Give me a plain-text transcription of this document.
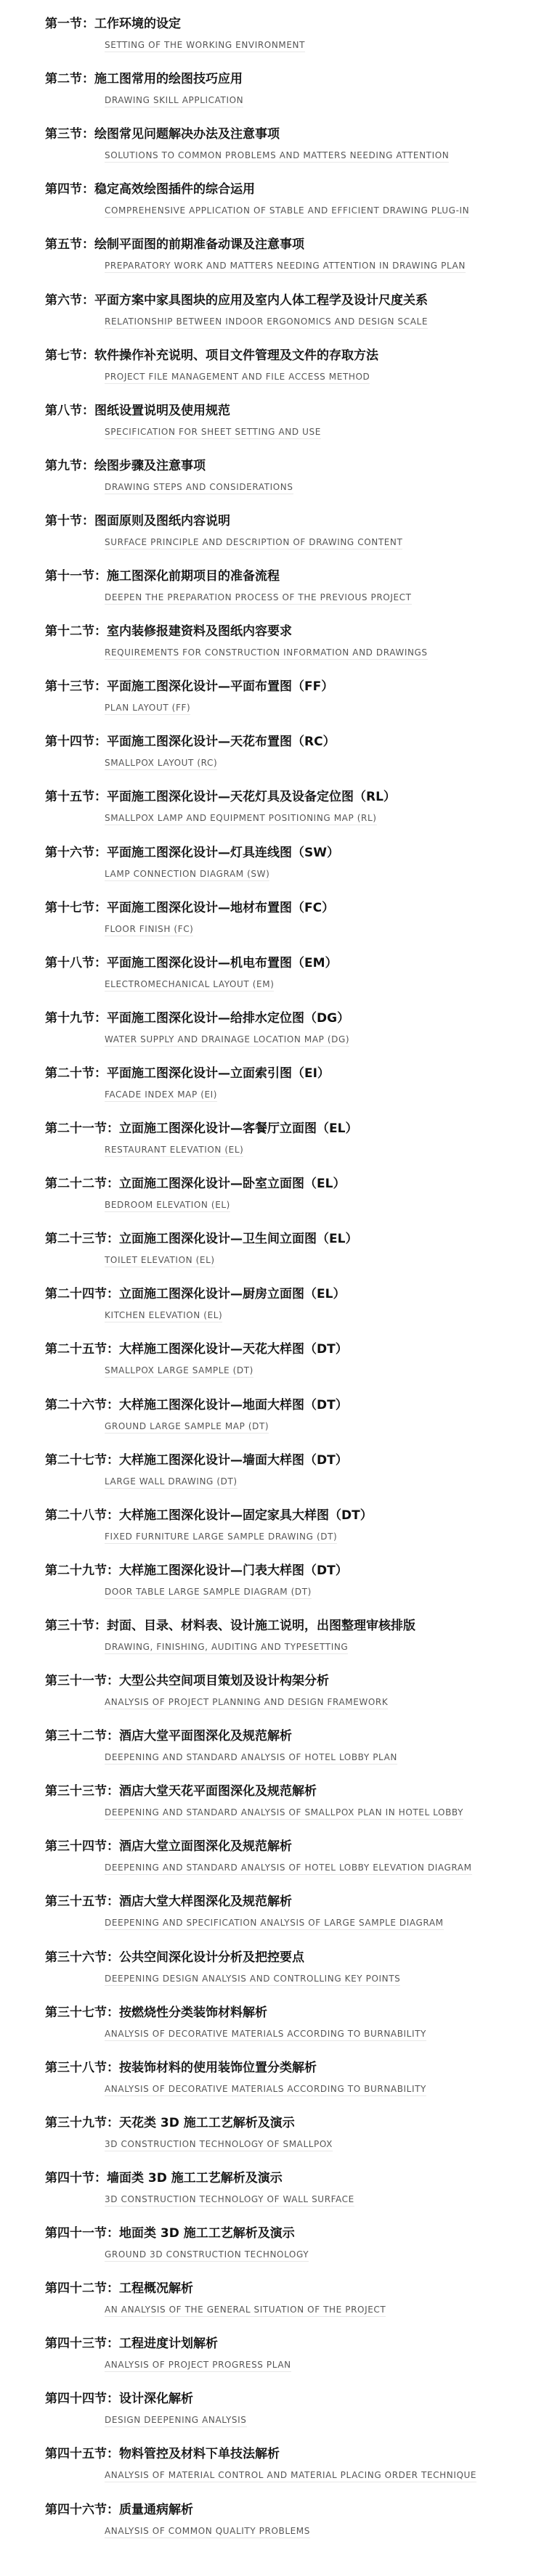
第一节：工作环境的设定
SETTING OF THE WORKING ENVIRONMENT
第二节：施工图常用的绘图技巧应用
DRAWING SKILL APPLICATION
第三节：绘图常见问题解决办法及注意事项
SOLUTIONS TO COMMON PROBLEMS AND MATTERS NEEDING ATTENTION
第四节：稳定高效绘图插件的综合运用
COMPREHENSIVE APPLICATION OF STABLE AND EFFICIENT DRAWING PLUG-IN
第五节：绘制平面图的前期准备动课及注意事项
PREPARATORY WORK AND MATTERS NEEDING ATTENTION IN DRAWING PLAN
第六节：平面方案中家具图块的应用及室内人体工程学及设计尺度关系
RELATIONSHIP BETWEEN INDOOR ERGONOMICS AND DESIGN SCALE
第七节：软件操作补充说明、项目文件管理及文件的存取方法
PROJECT FILE MANAGEMENT AND FILE ACCESS METHOD
第八节：图纸设置说明及使用规范
SPECIFICATION FOR SHEET SETTING AND USE
第九节：绘图步骤及注意事项
DRAWING STEPS AND CONSIDERATIONS
第十节：图面原则及图纸内容说明
SURFACE PRINCIPLE AND DESCRIPTION OF DRAWING CONTENT
第十一节：施工图深化前期项目的准备流程
DEEPEN THE PREPARATION PROCESS OF THE PREVIOUS PROJECT
第十二节：室内装修报建资料及图纸内容要求
REQUIREMENTS FOR CONSTRUCTION INFORMATION AND DRAWINGS
第十三节：平面施工图深化设计—平面布置图（FF）
PLAN LAYOUT (FF)
第十四节：平面施工图深化设计—天花布置图（RC）
SMALLPOX LAYOUT (RC)
第十五节：平面施工图深化设计—天花灯具及设备定位图（RL）
SMALLPOX LAMP AND EQUIPMENT POSITIONING MAP (RL)
第十六节：平面施工图深化设计—灯具连线图（SW）
LAMP CONNECTION DIAGRAM (SW)
第十七节：平面施工图深化设计—地材布置图（FC）
FLOOR FINISH (FC)
第十八节：平面施工图深化设计—机电布置图（EM）
ELECTROMECHANICAL LAYOUT (EM)
第十九节：平面施工图深化设计—给排水定位图（DG）
WATER SUPPLY AND DRAINAGE LOCATION MAP (DG)
第二十节：平面施工图深化设计—立面索引图（EI）
FACADE INDEX MAP (EI)
第二十一节：立面施工图深化设计—客餐厅立面图（EL）
RESTAURANT ELEVATION (EL)
第二十二节：立面施工图深化设计—卧室立面图（EL）
BEDROOM ELEVATION (EL)
第二十三节：立面施工图深化设计—卫生间立面图（EL）
TOILET ELEVATION (EL)
第二十四节：立面施工图深化设计—厨房立面图（EL）
KITCHEN ELEVATION (EL)
第二十五节：大样施工图深化设计—天花大样图（DT）
SMALLPOX LARGE SAMPLE (DT)
第二十六节：大样施工图深化设计—地面大样图（DT）
GROUND LARGE SAMPLE MAP (DT)
第二十七节：大样施工图深化设计—墙面大样图（DT）
LARGE WALL DRAWING (DT)
第二十八节：大样施工图深化设计—固定家具大样图（DT）
FIXED FURNITURE LARGE SAMPLE DRAWING (DT)
第二十九节：大样施工图深化设计—门表大样图（DT）
DOOR TABLE LARGE SAMPLE DIAGRAM (DT)
第三十节：封面、目录、材料表、设计施工说明，出图整理审核排版
DRAWING, FINISHING, AUDITING AND TYPESETTING
第三十一节：大型公共空间项目策划及设计构架分析
ANALYSIS OF PROJECT PLANNING AND DESIGN FRAMEWORK
第三十二节：酒店大堂平面图深化及规范解析
DEEPENING AND STANDARD ANALYSIS OF HOTEL LOBBY PLAN
第三十三节：酒店大堂天花平面图深化及规范解析
DEEPENING AND STANDARD ANALYSIS OF SMALLPOX PLAN IN HOTEL LOBBY
第三十四节：酒店大堂立面图深化及规范解析
DEEPENING AND STANDARD ANALYSIS OF HOTEL LOBBY ELEVATION DIAGRAM
第三十五节：酒店大堂大样图深化及规范解析
DEEPENING AND SPECIFICATION ANALYSIS OF LARGE SAMPLE DIAGRAM
第三十六节：公共空间深化设计分析及把控要点
DEEPENING DESIGN ANALYSIS AND CONTROLLING KEY POINTS
第三十七节：按燃烧性分类装饰材料解析
ANALYSIS OF DECORATIVE MATERIALS ACCORDING TO BURNABILITY
第三十八节：按装饰材料的使用装饰位置分类解析
ANALYSIS OF DECORATIVE MATERIALS ACCORDING TO BURNABILITY
第三十九节：天花类 3D 施工工艺解析及演示
3D CONSTRUCTION TECHNOLOGY OF SMALLPOX
第四十节：墙面类 3D 施工工艺解析及演示
3D CONSTRUCTION TECHNOLOGY OF WALL SURFACE
第四十一节：地面类 3D 施工工艺解析及演示
GROUND 3D CONSTRUCTION TECHNOLOGY
第四十二节：工程概况解析
AN ANALYSIS OF THE GENERAL SITUATION OF THE PROJECT
第四十三节：工程进度计划解析
ANALYSIS OF PROJECT PROGRESS PLAN
第四十四节：设计深化解析
DESIGN DEEPENING ANALYSIS
第四十五节：物料管控及材料下单技法解析
ANALYSIS OF MATERIAL CONTROL AND MATERIAL PLACING ORDER TECHNIQUE
第四十六节：质量通病解析
ANALYSIS OF COMMON QUALITY PROBLEMS
